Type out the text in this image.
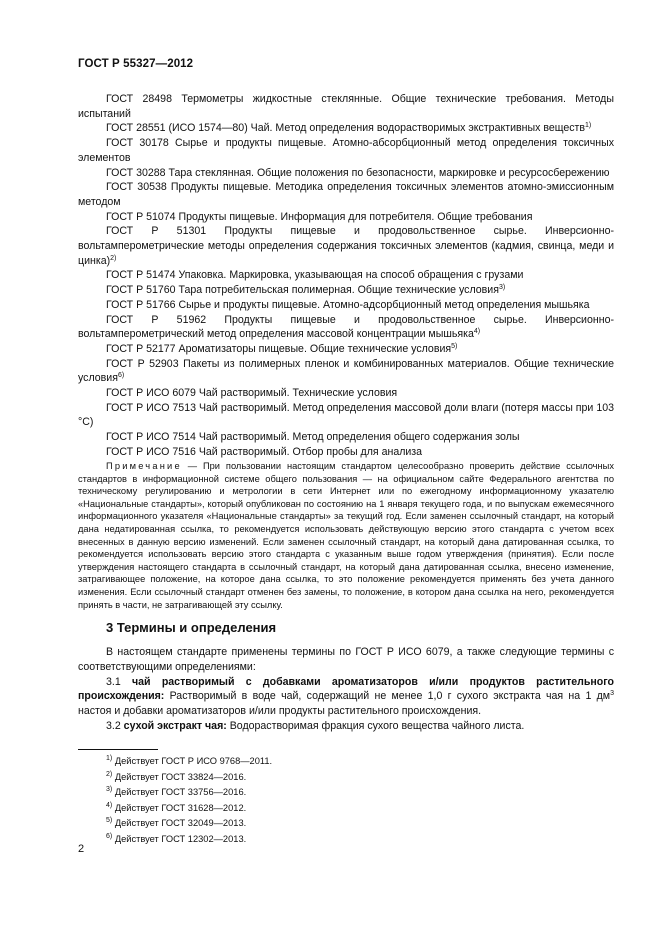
ГОСТ Р 55327—2012

ГОСТ 28498 Термометры жидкостные стеклянные. Общие технические требования. Методы испытаний

ГОСТ 28551 (ИСО 1574—80) Чай. Метод определения водорастворимых экстрактивных веществ$^{1)}$

ГОСТ 30178 Сырье и продукты пищевые. Атомно-абсорбционный метод определения токсичных элементов

ГОСТ 30288 Тара стеклянная. Общие положения по безопасности, маркировке и ресурсосбережению

ГОСТ 30538 Продукты пищевые. Методика определения токсичных элементов атомно-эмиссионным методом

ГОСТ Р 51074 Продукты пищевые. Информация для потребителя. Общие требования

ГОСТ Р 51301 Продукты пищевые и продовольственное сырье. Инверсионно-вольтамперометрические методы определения содержания токсичных элементов (кадмия, свинца, меди и цинка)$^{2)}$

ГОСТ Р 51474 Упаковка. Маркировка, указывающая на способ обращения с грузами

ГОСТ Р 51760 Тара потребительская полимерная. Общие технические условия$^{3)}$

ГОСТ Р 51766 Сырье и продукты пищевые. Атомно-адсорбционный метод определения мышьяка

ГОСТ Р 51962 Продукты пищевые и продовольственное сырье. Инверсионно-вольтамперометрический метод определения массовой концентрации мышьяка$^{4)}$

ГОСТ Р 52177 Ароматизаторы пищевые. Общие технические условия$^{5)}$

ГОСТ Р 52903 Пакеты из полимерных пленок и комбинированных материалов. Общие технические условия$^{6)}$

ГОСТ Р ИСО 6079 Чай растворимый. Технические условия

ГОСТ Р ИСО 7513 Чай растворимый. Метод определения массовой доли влаги (потеря массы при 103 °С)

ГОСТ Р ИСО 7514 Чай растворимый. Метод определения общего содержания золы

ГОСТ Р ИСО 7516 Чай растворимый. Отбор пробы для анализа

Примечание — При пользовании настоящим стандартом целесообразно проверить действие ссылочных стандартов в информационной системе общего пользования — на официальном сайте Федерального агентства по техническому регулированию и метрологии в сети Интернет или по ежегодному информационному указателю «Национальные стандарты», который опубликован по состоянию на 1 января текущего года, и по выпускам ежемесячного информационного указателя «Национальные стандарты» за текущий год. Если заменен ссылочный стандарт, на который дана недатированная ссылка, то рекомендуется использовать действующую версию этого стандарта с учетом всех внесенных в данную версию изменений. Если заменен ссылочный стандарт, на который дана датированная ссылка, то рекомендуется использовать версию этого стандарта с указанным выше годом утверждения (принятия). Если после утверждения настоящего стандарта в ссылочный стандарт, на который дана датированная ссылка, внесено изменение, затрагивающее положение, на которое дана ссылка, то это положение рекомендуется применять без учета данного изменения. Если ссылочный стандарт отменен без замены, то положение, в котором дана ссылка на него, рекомендуется принять в части, не затрагивающей эту ссылку.

3 Термины и определения

В настоящем стандарте применены термины по ГОСТ Р ИСО 6079, а также следующие термины с соответствующими определениями:

3.1 чай растворимый с добавками ароматизаторов и/или продуктов растительного происхождения: Растворимый в воде чай, содержащий не менее 1,0 г сухого экстракта чая на 1 $дм^3$ настоя и добавки ароматизаторов и/или продукты растительного происхождения.

3.2 сухой экстракт чая: Водорастворимая фракция сухого вещества чайного листа.

$^{1)}$ Действует ГОСТ Р ИСО 9768—2011.
$^{2)}$ Действует ГОСТ 33824—2016.
$^{3)}$ Действует ГОСТ 33756—2016.
$^{4)}$ Действует ГОСТ 31628—2012.
$^{5)}$ Действует ГОСТ 32049—2013.
$^{6)}$ Действует ГОСТ 12302—2013.
2
